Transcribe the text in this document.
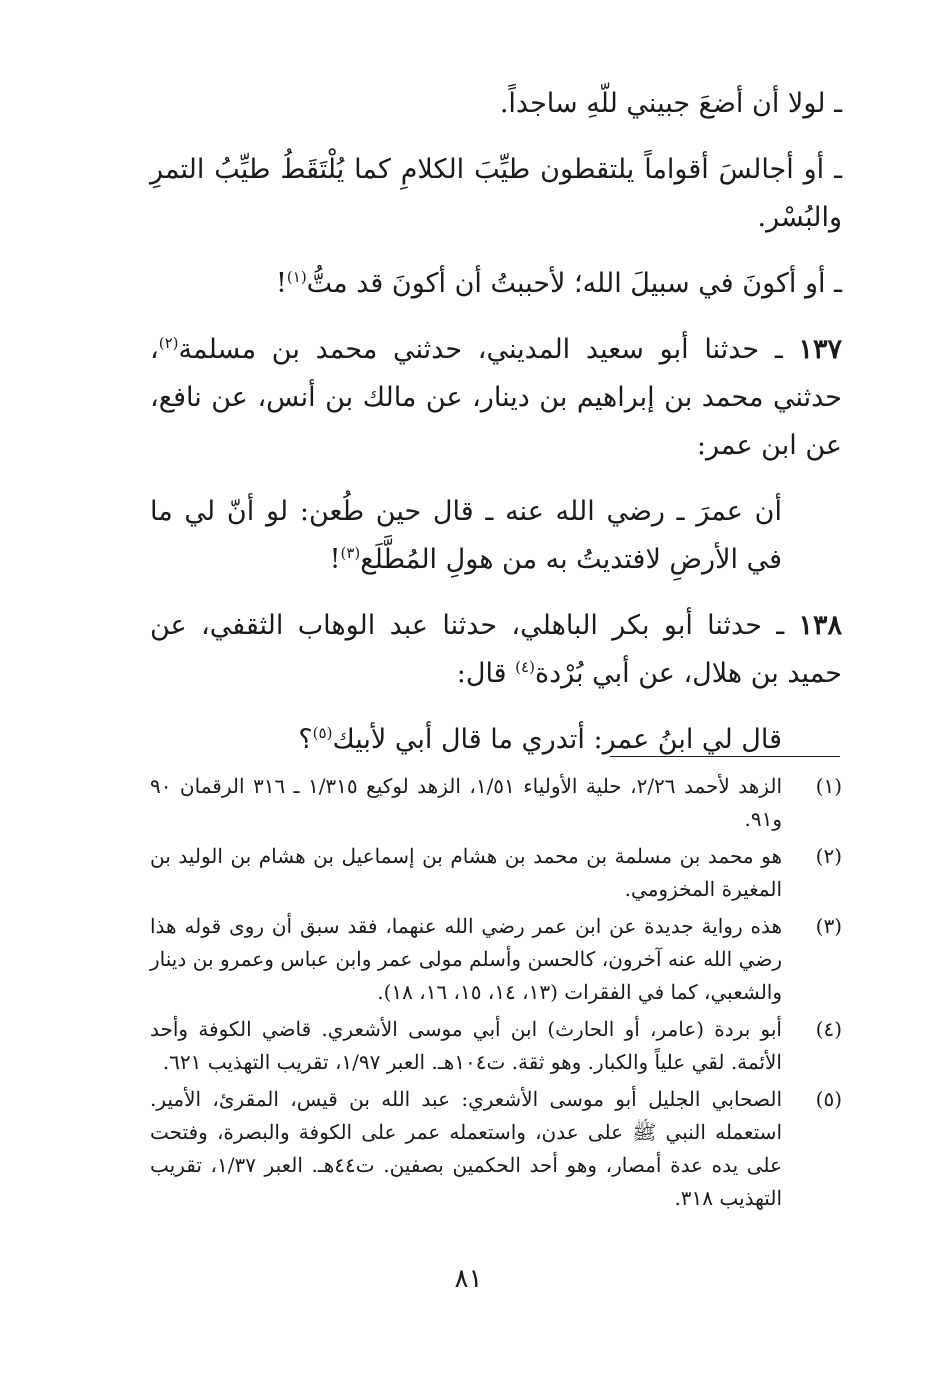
ـ لولا أن أضعَ جبيني للّهِ ساجداً.

ـ أو أجالسَ أقواماً يلتقطون طيِّبَ الكلامِ كما يُلْتَقَطُ طيِّبُ التمرِ والبُسْر.

ـ أو أكونَ في سبيلَ الله؛ لأحببتُ أن أكونَ قد متُّ$^{(١)}$!

١٣٧ ـ حدثنا أبو سعيد المديني، حدثني محمد بن مسلمة$^{(٢)}$، حدثني محمد بن إبراهيم بن دينار، عن مالك بن أنس، عن نافع، عن ابن عمر:

أن عمرَ ـ رضي الله عنه ـ قال حين طُعن: لو أنّ لي ما في الأرضِ لافتديتُ به من هولِ المُطَّلَع$^{(٣)}$!

١٣٨ ـ حدثنا أبو بكر الباهلي، حدثنا عبد الوهاب الثقفي، عن حميد بن هلال، عن أبي بُرْدة$^{(٤)}$ قال:

قال لي ابنُ عمر: أتدري ما قال أبي لأبيك$^{(٥)}$؟

(١)
الزهد لأحمد ٢/٢٦، حلية الأولياء ١/٥١، الزهد لوكيع ١/٣١٥ ـ ٣١٦ الرقمان ٩٠ و٩١.
(٢)
هو محمد بن مسلمة بن محمد بن هشام بن إسماعيل بن هشام بن الوليد بن المغيرة المخزومي.
(٣)
هذه رواية جديدة عن ابن عمر رضي الله عنهما، فقد سبق أن روى قوله هذا رضي الله عنه آخرون، كالحسن وأسلم مولى عمر وابن عباس وعمرو بن دينار والشعبي، كما في الفقرات (١٣، ١٤، ١٥، ١٦، ١٨).
(٤)
أبو بردة (عامر، أو الحارث) ابن أبي موسى الأشعري. قاضي الكوفة وأحد الأئمة. لقي علياً والكبار. وهو ثقة. ت١٠٤هـ. العبر ١/٩٧، تقريب التهذيب ٦٢١.
(٥)
الصحابي الجليل أبو موسى الأشعري: عبد الله بن قيس، المقرئ، الأمير. استعمله النبي ﷺ على عدن، واستعمله عمر على الكوفة والبصرة، وفتحت على يده عدة أمصار، وهو أحد الحكمين بصفين. ت٤٤هـ. العبر ١/٣٧، تقريب التهذيب ٣١٨.
٨١
